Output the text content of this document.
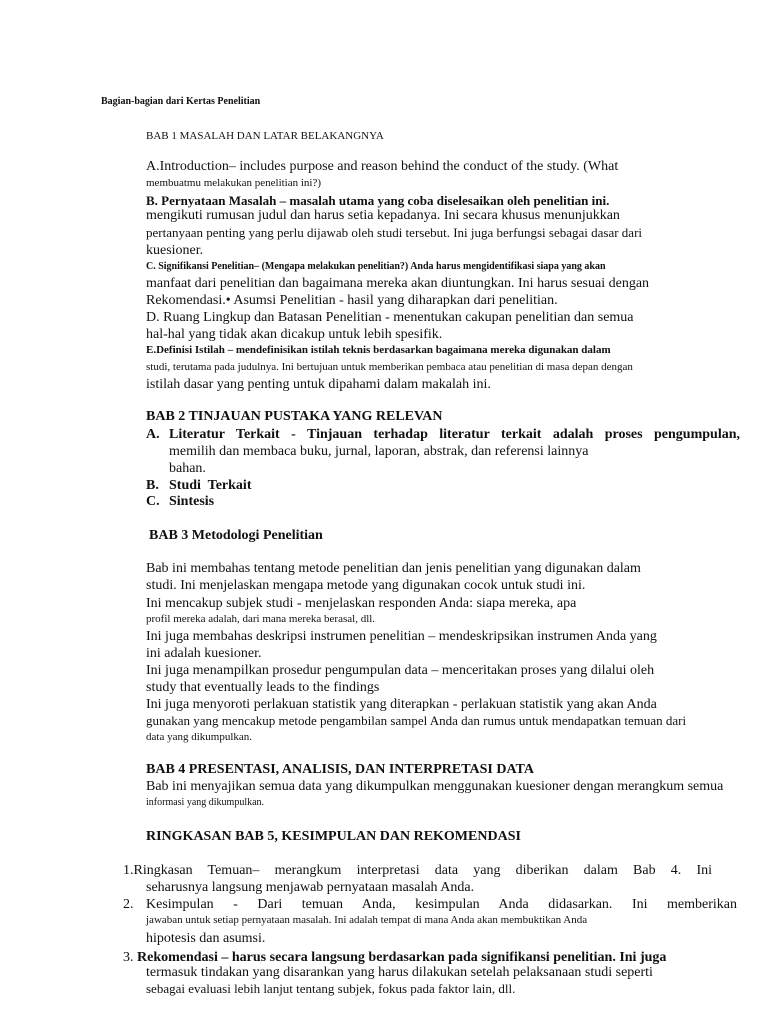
Bagian-bagian dari Kertas Penelitian
BAB 1 MASALAH DAN LATAR BELAKANGNYA
A.Introduction– includes purpose and reason behind the conduct of the study. (What
membuatmu melakukan penelitian ini?)
B. Pernyataan Masalah – masalah utama yang coba diselesaikan oleh penelitian ini.
mengikuti rumusan judul dan harus setia kepadanya. Ini secara khusus menunjukkan
pertanyaan penting yang perlu dijawab oleh studi tersebut. Ini juga berfungsi sebagai dasar dari
kuesioner.
C. Signifikansi Penelitian– (Mengapa melakukan penelitian?) Anda harus mengidentifikasi siapa yang akan
manfaat dari penelitian dan bagaimana mereka akan diuntungkan. Ini harus sesuai dengan
Rekomendasi.• Asumsi Penelitian - hasil yang diharapkan dari penelitian.
D. Ruang Lingkup dan Batasan Penelitian - menentukan cakupan penelitian dan semua
hal-hal yang tidak akan dicakup untuk lebih spesifik.
E.Definisi Istilah – mendefinisikan istilah teknis berdasarkan bagaimana mereka digunakan dalam
studi, terutama pada judulnya. Ini bertujuan untuk memberikan pembaca atau penelitian di masa depan dengan
istilah dasar yang penting untuk dipahami dalam makalah ini.
BAB 2 TINJAUAN PUSTAKA YANG RELEVAN
A. Literatur Terkait - Tinjauan terhadap literatur terkait adalah proses pengumpulan,
memilih dan membaca buku, jurnal, laporan, abstrak, dan referensi lainnya
bahan.
B. Studi  Terkait
C. Sintesis
BAB 3 Metodologi Penelitian
Bab ini membahas tentang metode penelitian dan jenis penelitian yang digunakan dalam
studi. Ini menjelaskan mengapa metode yang digunakan cocok untuk studi ini.
Ini mencakup subjek studi - menjelaskan responden Anda: siapa mereka, apa
profil mereka adalah, dari mana mereka berasal, dll.
Ini juga membahas deskripsi instrumen penelitian – mendeskripsikan instrumen Anda yang
ini adalah kuesioner.
Ini juga menampilkan prosedur pengumpulan data – menceritakan proses yang dilalui oleh
study that eventually leads to the findings
Ini juga menyoroti perlakuan statistik yang diterapkan - perlakuan statistik yang akan Anda
gunakan yang mencakup metode pengambilan sampel Anda dan rumus untuk mendapatkan temuan dari
data yang dikumpulkan.
BAB 4 PRESENTASI, ANALISIS, DAN INTERPRETASI DATA
Bab ini menyajikan semua data yang dikumpulkan menggunakan kuesioner dengan merangkum semua
informasi yang dikumpulkan.
RINGKASAN BAB 5, KESIMPULAN DAN REKOMENDASI
1.Ringkasan Temuan– merangkum interpretasi data yang diberikan dalam Bab 4. Ini
seharusnya langsung menjawab pernyataan masalah Anda.
2. Kesimpulan - Dari temuan Anda, kesimpulan Anda didasarkan. Ini memberikan
jawaban untuk setiap pernyataan masalah. Ini adalah tempat di mana Anda akan membuktikan Anda
hipotesis dan asumsi.
3. Rekomendasi – harus secara langsung berdasarkan pada signifikansi penelitian. Ini juga
termasuk tindakan yang disarankan yang harus dilakukan setelah pelaksanaan studi seperti
sebagai evaluasi lebih lanjut tentang subjek, fokus pada faktor lain, dll.
